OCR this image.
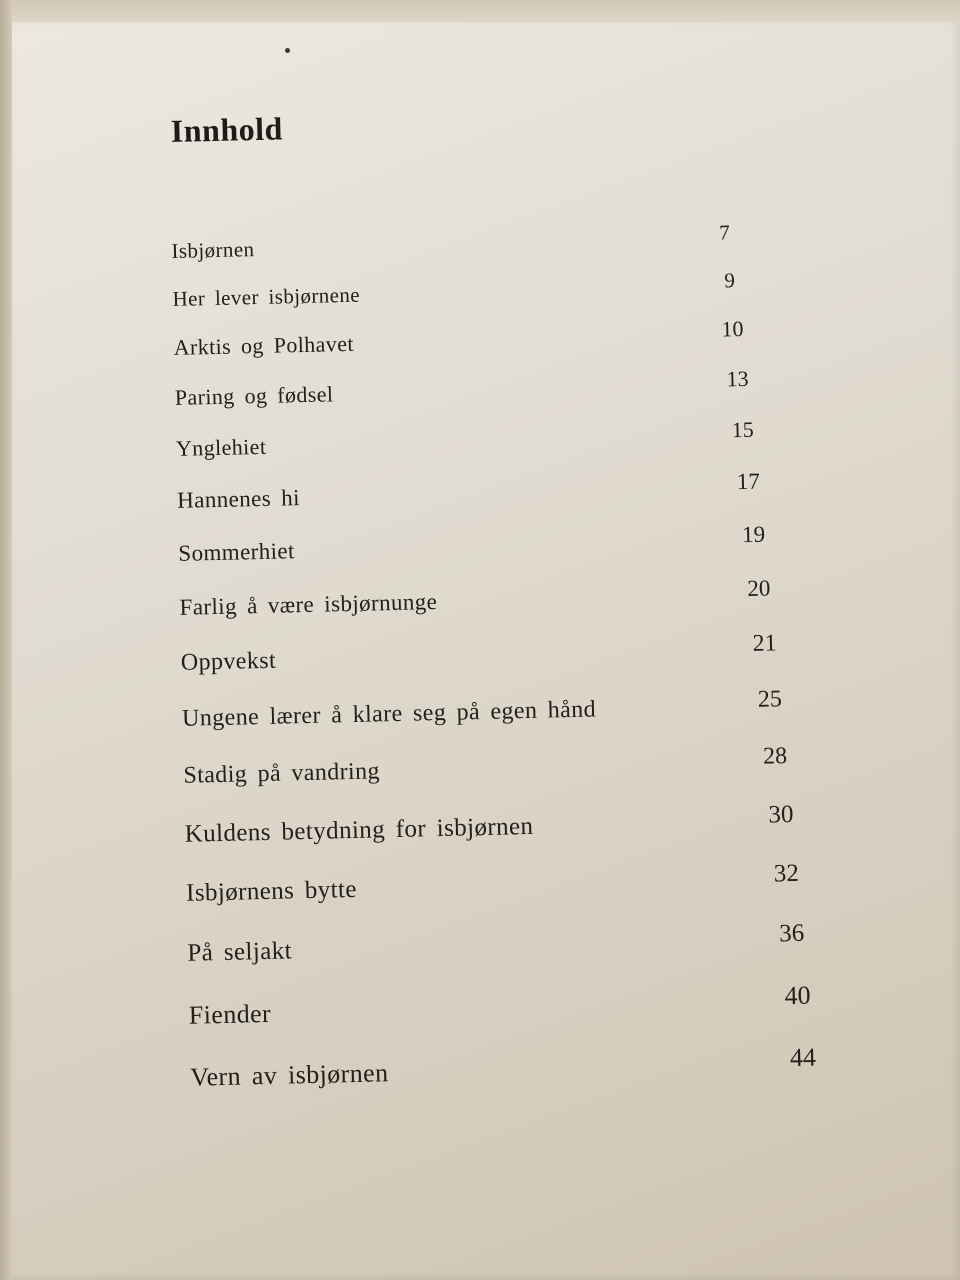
Innhold
Isbjørnen
7
Her lever isbjørnene
9
Arktis og Polhavet
10
Paring og fødsel
13
Ynglehiet
15
Hannenes hi
17
Sommerhiet
19
Farlig å være isbjørnunge
20
Oppvekst
21
Ungene lærer å klare seg på egen hånd	25
Stadig på vandring
28
Kuldens betydning for isbjørnen	30
Isbjørnens bytte
32
På seljakt
36
Fiender
40
Vern av isbjørnen
44
